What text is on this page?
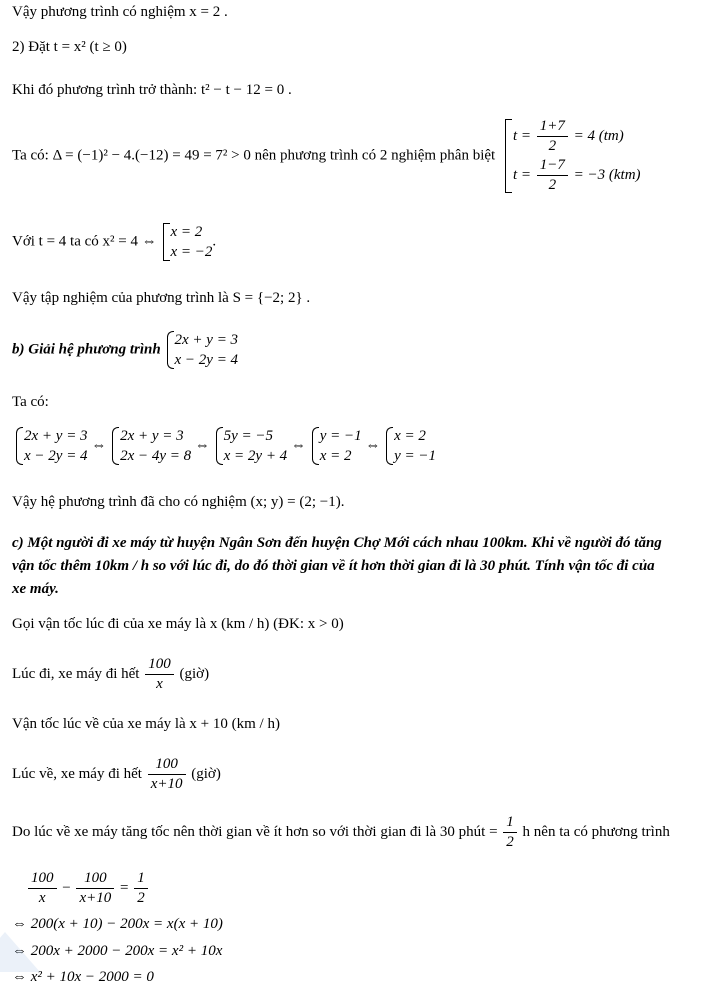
Vậy phương trình có nghiệm x = 2 .
2) Đặt t = x² (t ≥ 0)
Khi đó phương trình trở thành: t² − t − 12 = 0 .
Ta có: Δ = (−1)² − 4.(−12) = 49 = 7² > 0 nên phương trình có 2 nghiệm phân biệt
$t = \frac{1+7}{2} = 4$ (tm)
$t = \frac{1-7}{2} = -3$ (ktm)
Với t = 4 ta có x² = 4 ⇔
x = 2
x = −2
.
Vậy tập nghiệm của phương trình là S = {−2; 2} .
b) Giải hệ phương trình
2x + y = 3
x − 2y = 4
Ta có:
2x + y = 3
x − 2y = 4
⇔
2x + y = 3
2x − 4y = 8
⇔
5y = −5
x = 2y + 4
⇔
y = −1
x = 2
⇔
x = 2
y = −1
Vậy hệ phương trình đã cho có nghiệm (x; y) = (2; −1).
c) Một người đi xe máy từ huyện Ngân Sơn đến huyện Chợ Mới cách nhau 100km. Khi về người đó tăng
vận tốc thêm 10km / h so với lúc đi, do đó thời gian về ít hơn thời gian đi là 30 phút. Tính vận tốc đi của
xe máy.
Gọi vận tốc lúc đi của xe máy là x (km / h) (ĐK: x > 0)
Lúc đi, xe máy đi hết $\frac{100}{x}$ (giờ)
Vận tốc lúc về của xe máy là x + 10 (km / h)
Lúc về, xe máy đi hết $\frac{100}{x+10}$ (giờ)
Do lúc về xe máy tăng tốc nên thời gian về ít hơn so với thời gian đi là 30 phút = $\frac{1}{2}$ h nên ta có phương trình
$\frac{100}{x} - \frac{100}{x+10} = \frac{1}{2}$
⇔ 200(x + 10) − 200x = x(x + 10)
⇔ 200x + 2000 − 200x = x² + 10x
⇔ x² + 10x − 2000 = 0
